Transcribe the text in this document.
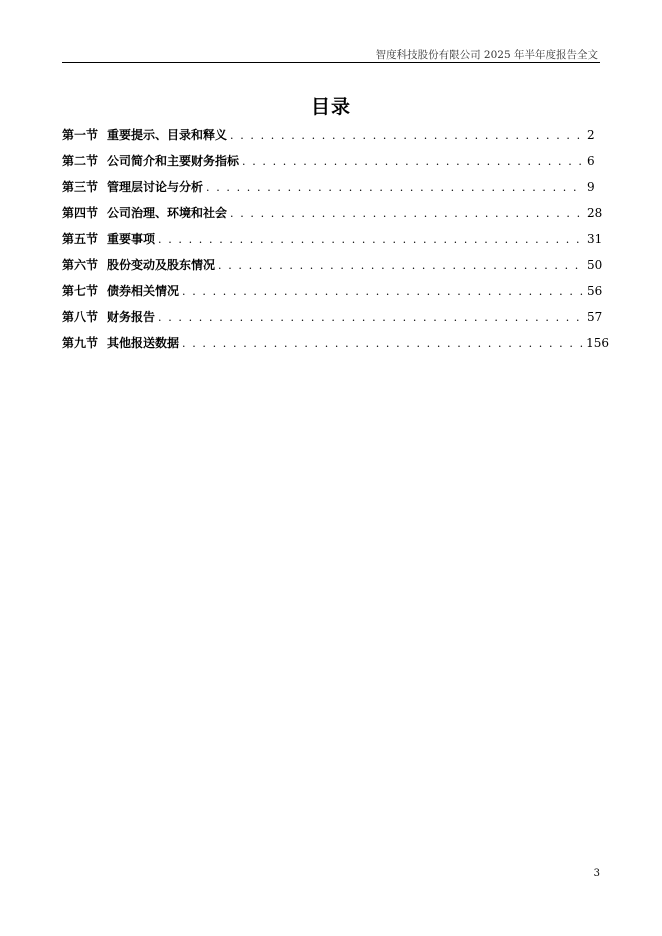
智度科技股份有限公司 2025 年半年度报告全文
目录
第一节 重要提示、目录和释义 . . .	2
第二节 公司简介和主要财务指标 . . .	6
第三节 管理层讨论与分析 . . .	9
第四节 公司治理、环境和社会 . . .	28
第五节 重要事项 . . .	31
第六节 股份变动及股东情况 . . .	50
第七节 债券相关情况 . . .	56
第八节 财务报告 . . .	57
第九节 其他报送数据 . . .	156
3
